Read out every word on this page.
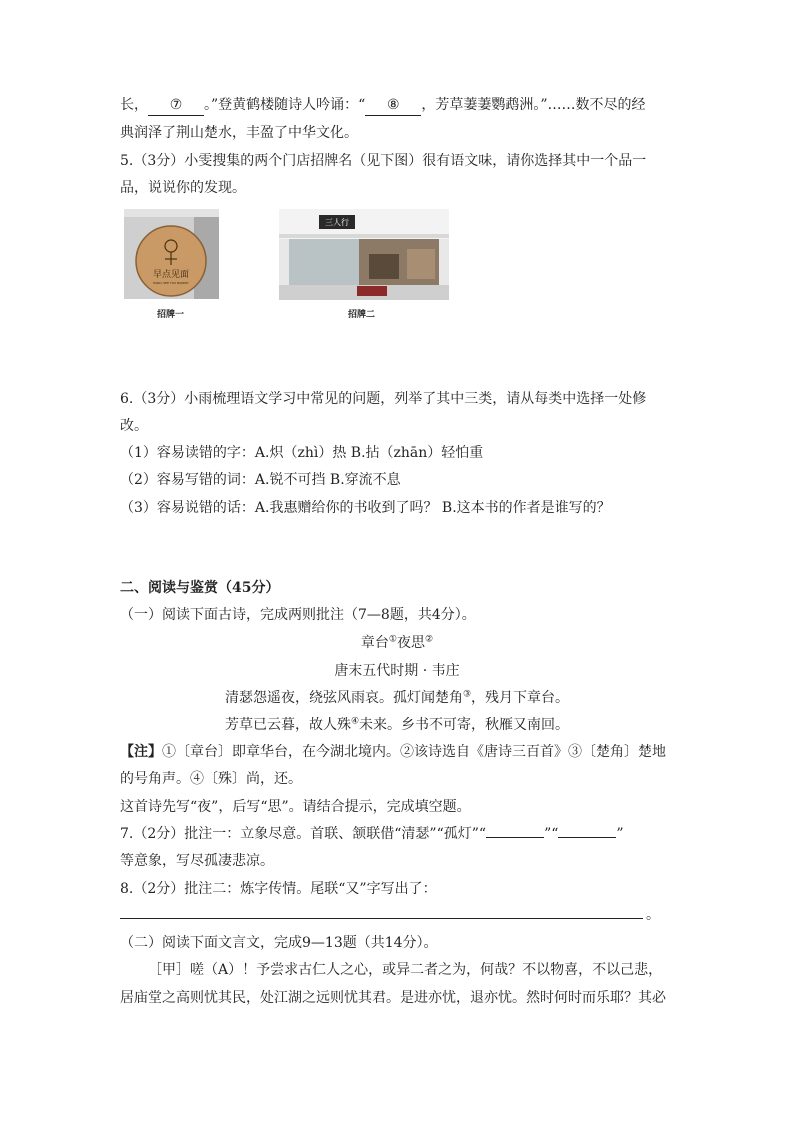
长， ⑦ 。”登黄鹤楼随诗人吟诵：“ ⑧ ，芳草萋萋鹦鹉洲。”……数不尽的经
典润泽了荆山楚水，丰盈了中华文化。
5.（3分）小雯搜集的两个门店招牌名（见下图）很有语文味，请你选择其中一个品一
品，说说你的发现。
早点见面
EARLY SEE YOU BAKERY
招牌一
三人行
招牌二
6.（3分）小雨梳理语文学习中常见的问题，列举了其中三类，请从每类中选择一处修
改。
（1）容易读错的字：A.炽（zhì）热 B.拈（zhān）轻怕重
（2）容易写错的词：A.锐不可挡 B.穿流不息
（3）容易说错的话：A.我惠赠给你的书收到了吗？ B.这本书的作者是谁写的？
二、阅读与鉴赏（45分）
（一）阅读下面古诗，完成两则批注（7—8题，共4分）。
章台①夜思②
唐末五代时期 · 韦庄
清瑟怨遥夜，绕弦风雨哀。孤灯闻楚角③，残月下章台。
芳草已云暮，故人殊④未来。乡书不可寄，秋雁又南回。
【注】①〔章台〕即章华台，在今湖北境内。②该诗选自《唐诗三百首》③〔楚角〕楚地
的号角声。④〔殊〕尚，还。
这首诗先写“夜”，后写“思”。请结合提示，完成填空题。
7.（2分）批注一：立象尽意。首联、颔联借“清瑟”“孤灯”“	”“	”
等意象，写尽孤凄悲凉。
8.（2分）批注二：炼字传情。尾联“又”字写出了：
。
（二）阅读下面文言文，完成9—13题（共14分）。
［甲］嗟（A）！予尝求古仁人之心，或异二者之为，何哉？不以物喜，不以己悲，
居庙堂之高则忧其民，处江湖之远则忧其君。是进亦忧，退亦忧。然时何时而乐耶？其必
